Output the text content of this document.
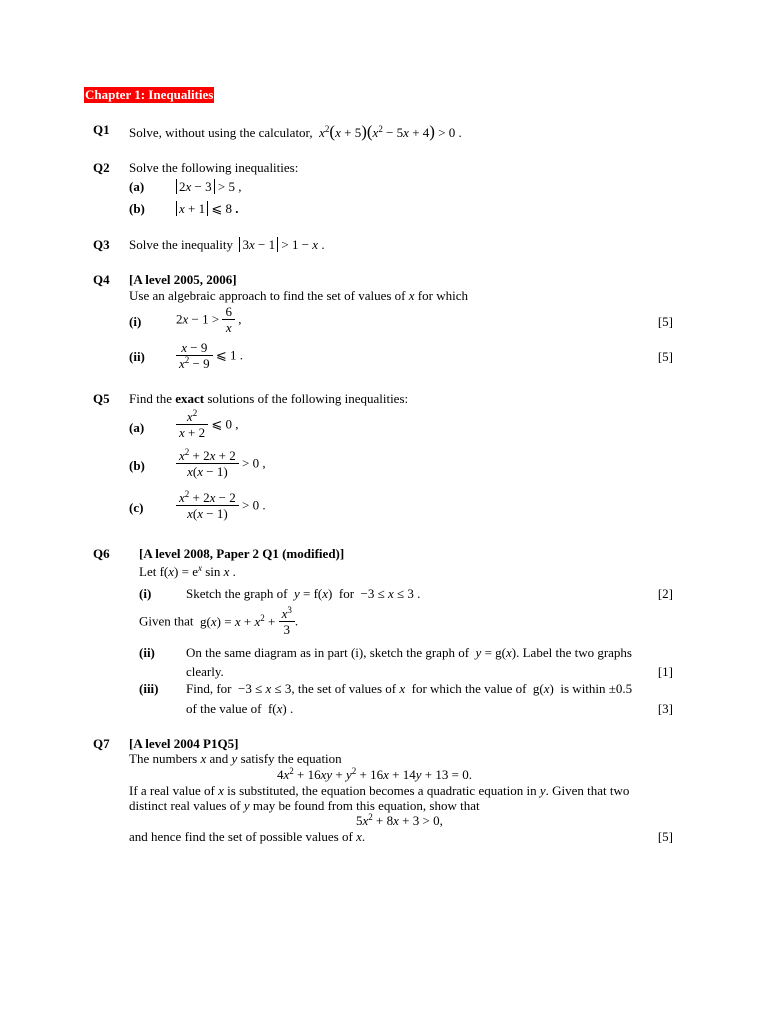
Chapter 1: Inequalities
Q1 Solve, without using the calculator, $x^2(x + 5)(x^2 - 5x + 4) > 0$ .
Q2 Solve the following inequalities:
(a)	2x − 3 > 5 ,
(b)	x + 1 ⩽ 8 .
Q3 Solve the inequality 3x − 1 > 1 − x .
Q4 [A level 2005, 2006]
Use an algebraic approach to find the set of values of x for which
(i)	$2x - 1 > \frac{6}{x}$ ,	[5]
$(ii) \frac{x - 9}{x^2 - 9}$ ⩽ 1 .	[5]
Q5 Find the exact solutions of the following inequalities:
$(a) \frac{x^2}{x + 2}$ ⩽ 0 ,
$(b) \frac{x^2 + 2x + 2}{x(x - 1)} > 0$ ,
(c)	$\frac{x^2 + 2x - 2}{x(x - 1)} > 0$ .
Q6 [A level 2008, Paper 2 Q1 (modified)]
Let $f(x) = e^x$ sin x .
(i)	Sketch the graph of y = f(x)  for  −3 ≤ x ≤ 3 .	[2]
Given that  $g(x) = x + x^2 + \frac{x^3}{3}$ .
(ii) On the same diagram as in part (i), sketch the graph of y = g(x). Label the two graphs
clearly.	[1]
(iii) Find, for  −3 ≤ x ≤ 3, the set of values of x for which the value of  g(x)  is within ±0.5
of the value of  f(x) .	[3]
Q7 [A level 2004 P1Q5]
The numbers x and y satisfy the equation
$4x^2 + 16xy + y^2 + 16x + 14y + 13 = 0$.
If a real value of x is substituted, the equation becomes a quadratic equation in y. Given that two
distinct real values of y may be found from this equation, show that
$5x^2 + 8x + 3 > 0$,
and hence find the set of possible values of x.	[5]
